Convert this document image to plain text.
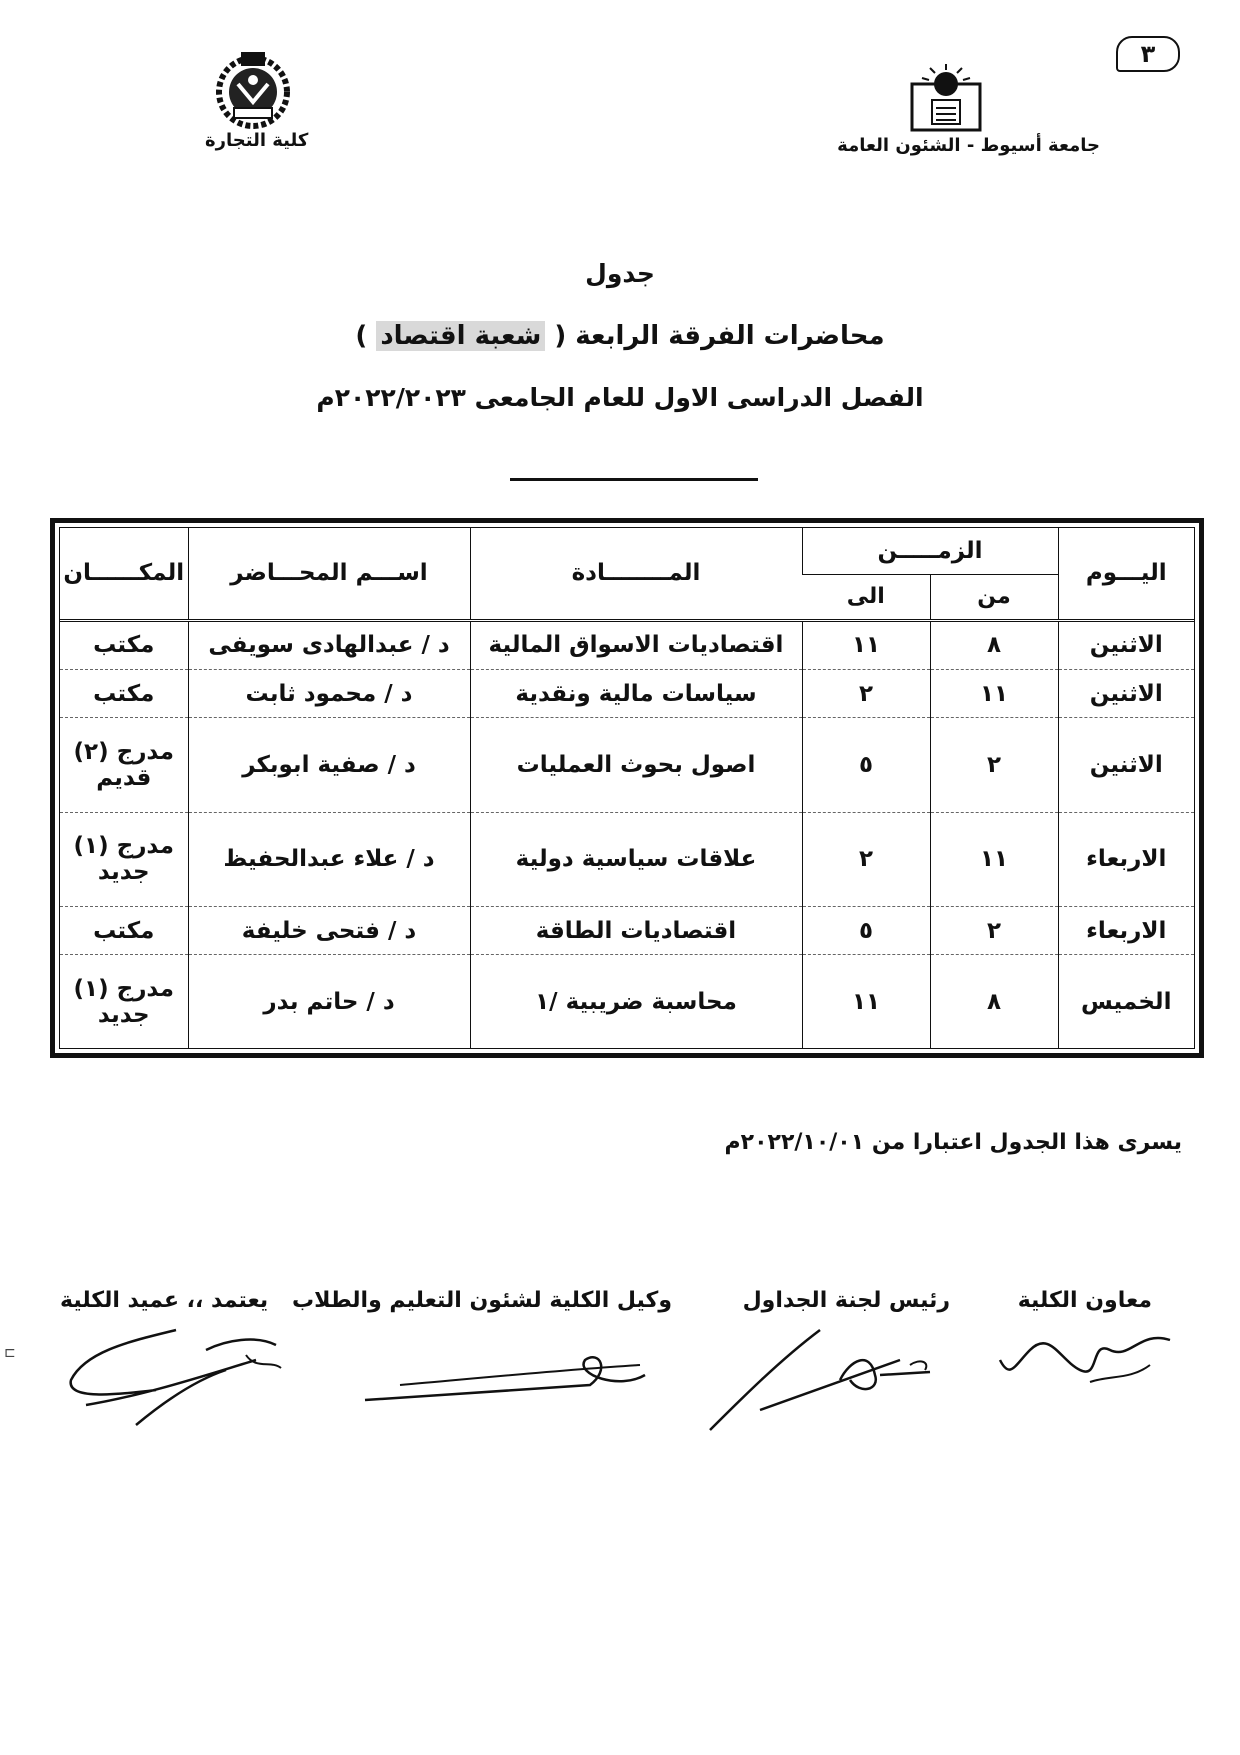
٣
جامعة أسيوط - الشئون العامة
كلية التجارة
جدول
محاضرات الفرقة الرابعة ( شعبة اقتصاد )
الفصل الدراسى الاول للعام الجامعى ٢٠٢٢/٢٠٢٣م
اليـــوم	الزمـــــن		المــــــــادة	اســـم المحـــاضر	المكــــــان
	من	الى			
الاثنين	٨	١١	اقتصاديات الاسواق المالية	د / عبدالهادى سويفى	مكتب
الاثنين	١١	٢	سياسات مالية ونقدية	د / محمود ثابت	مكتب
الاثنين	٢	٥	اصول بحوث العمليات	د / صفية ابوبكر	مدرج (٢) قديم
الاربعاء	١١	٢	علاقات سياسية دولية	د / علاء عبدالحفيظ	مدرج (١) جديد
الاربعاء	٢	٥	اقتصاديات الطاقة	د / فتحى خليفة	مكتب
الخميس	٨	١١	محاسبة ضريبية /١	د / حاتم بدر	مدرج (١) جديد
يسرى هذا الجدول اعتبارا من ٢٠٢٢/١٠/٠١م
معاون الكلية
رئيس لجنة الجداول
وكيل الكلية لشئون التعليم والطلاب
يعتمد ،، عميد الكلية
⊏
